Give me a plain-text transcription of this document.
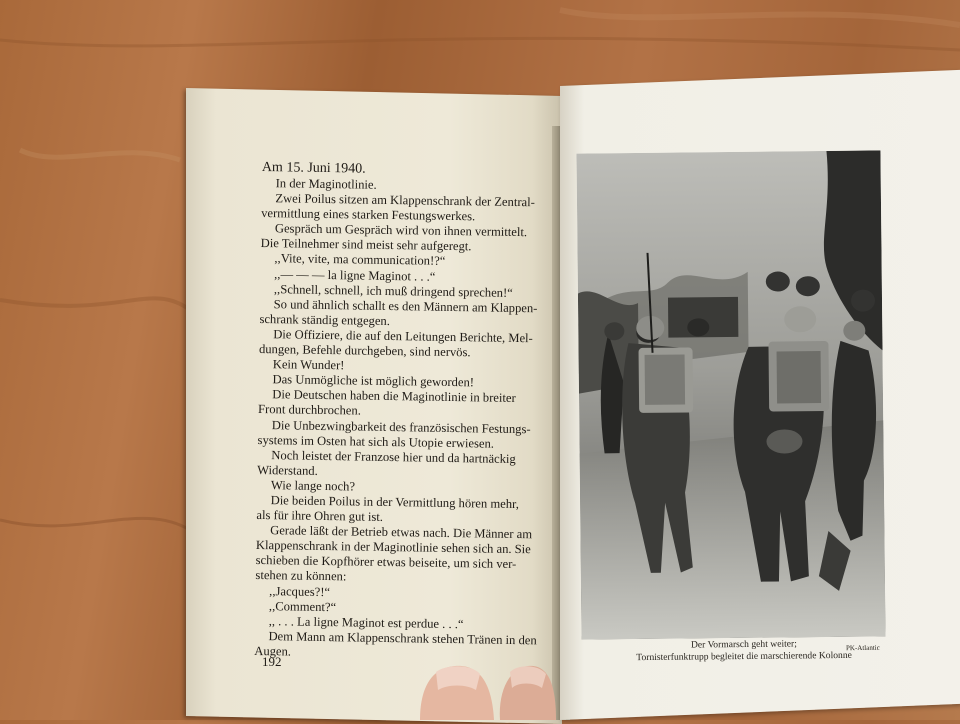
Am 15. Juni 1940.
In der Maginotlinie.
Zwei Poilus sitzen am Klappenschrank der Zentral-
vermittlung eines starken Festungswerkes.
Gespräch um Gespräch wird von ihnen vermittelt.
Die Teilnehmer sind meist sehr aufgeregt.
,,Vite, vite, ma communication!?“
,,— — — la ligne Maginot . . .“
,,Schnell, schnell, ich muß dringend sprechen!“
So und ähnlich schallt es den Männern am Klappen-
schrank ständig entgegen.
Die Offiziere, die auf den Leitungen Berichte, Mel-
dungen, Befehle durchgeben, sind nervös.
Kein Wunder!
Das Unmögliche ist möglich geworden!
Die Deutschen haben die Maginotlinie in breiter
Front durchbrochen.
Die Unbezwingbarkeit des französischen Festungs-
systems im Osten hat sich als Utopie erwiesen.
Noch leistet der Franzose hier und da hartnäckig
Widerstand.
Wie lange noch?
Die beiden Poilus in der Vermittlung hören mehr,
als für ihre Ohren gut ist.
Gerade läßt der Betrieb etwas nach. Die Männer am
Klappenschrank in der Maginotlinie sehen sich an. Sie
schieben die Kopfhörer etwas beiseite, um sich ver-
stehen zu können:
,,Jacques?!“
,,Comment?“
,, . . . La ligne Maginot est perdue . . .“
Dem Mann am Klappenschrank stehen Tränen in den
Augen.
192
Der Vormarsch geht weiter;
Tornisterfunktrupp begleitet die marschierende Kolonne
PK-Atlantic
